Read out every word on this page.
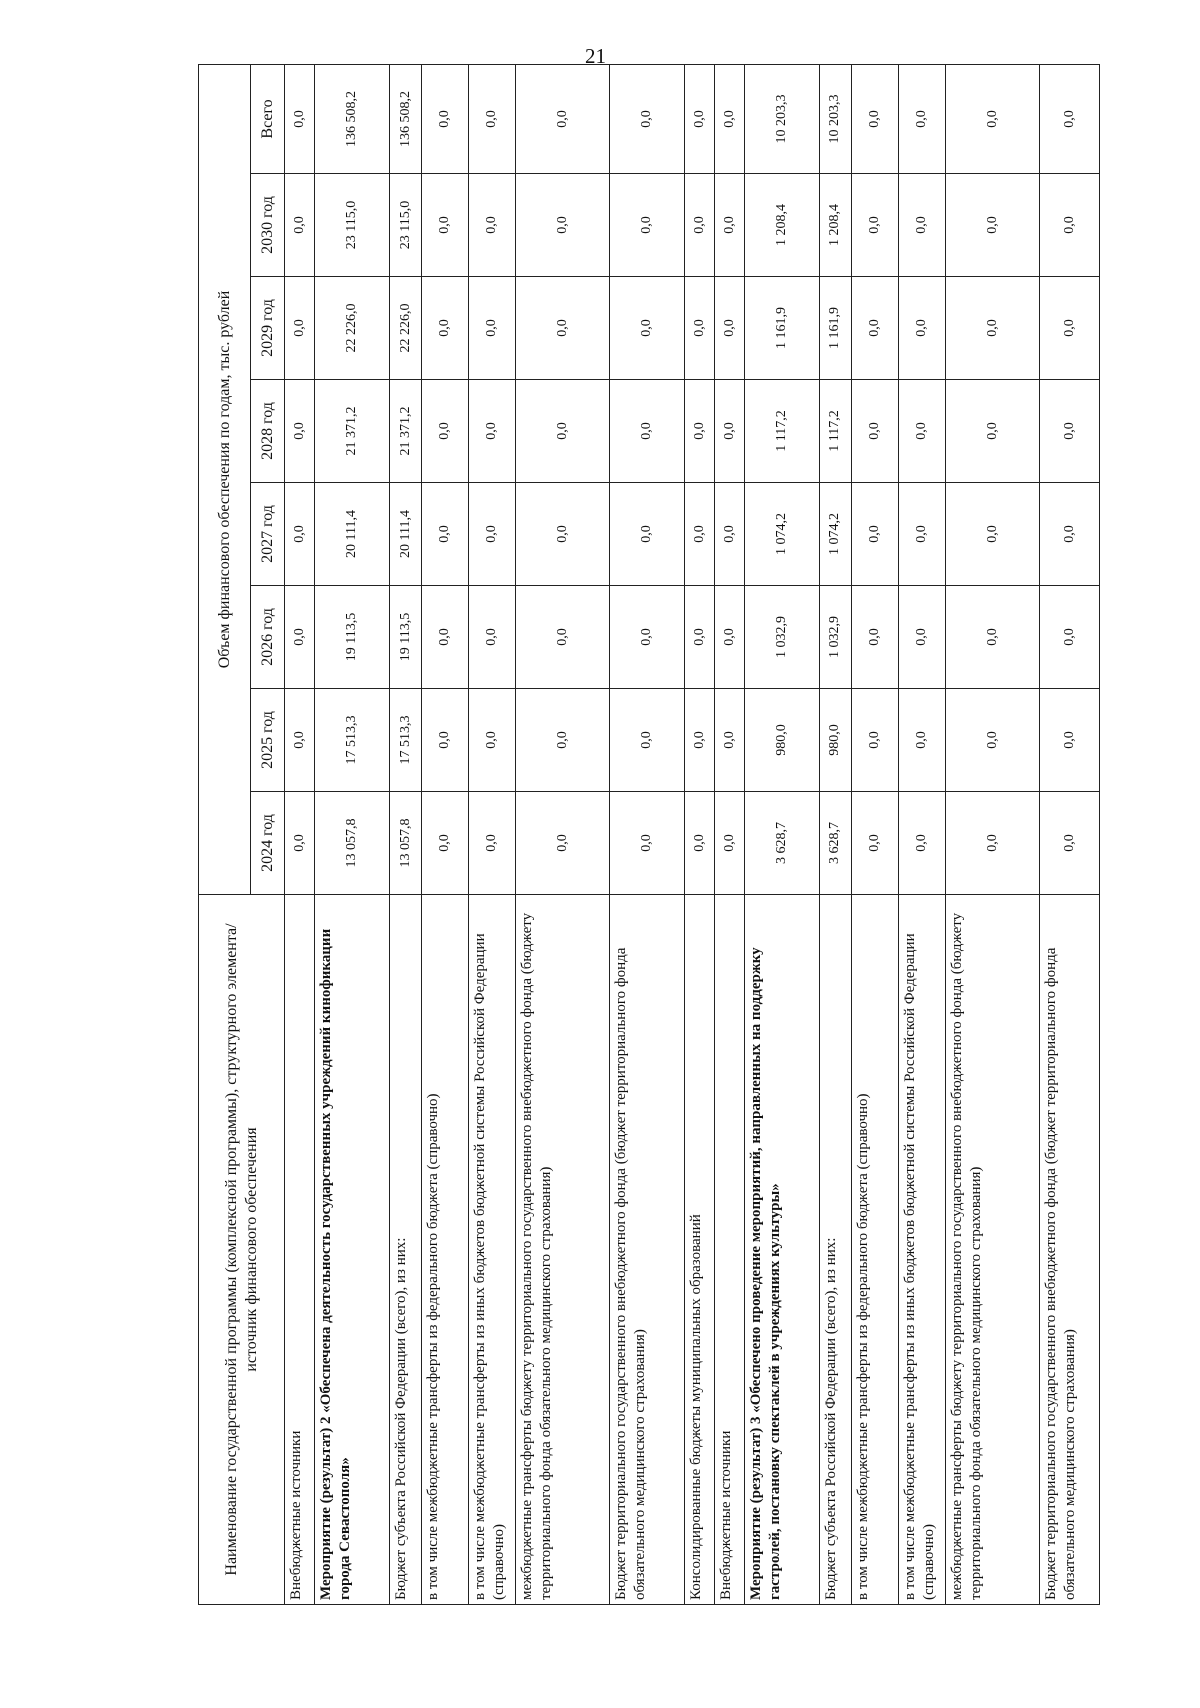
21
Наименование государственной программы (комплексной программы), структурного элемента/источник финансового обеспечения	Объем финансового обеспечения по годам, тыс. рублей							
	2024 год	2025 год	2026 год	2027 год	2028 год	2029 год	2030 год	Всего
Внебюджетные источники	0,0	0,0	0,0	0,0	0,0	0,0	0,0	0,0
Мероприятие (результат) 2 «Обеспечена деятельность государственных учреждений кинофикации города Севастополя»	13 057,8	17 513,3	19 113,5	20 111,4	21 371,2	22 226,0	23 115,0	136 508,2
Бюджет субъекта Российской Федерации (всего), из них:	13 057,8	17 513,3	19 113,5	20 111,4	21 371,2	22 226,0	23 115,0	136 508,2
в том числе межбюджетные трансферты из федерального бюджета (справочно)	0,0	0,0	0,0	0,0	0,0	0,0	0,0	0,0
в том числе межбюджетные трансферты из иных бюджетов бюджетной системы Российской Федерации (справочно)	0,0	0,0	0,0	0,0	0,0	0,0	0,0	0,0
межбюджетные трансферты бюджету территориального государственного внебюджетного фонда (бюджету территориального фонда обязательного медицинского страхования)	0,0	0,0	0,0	0,0	0,0	0,0	0,0	0,0
Бюджет территориального государственного внебюджетного фонда (бюджет территориального фонда обязательного медицинского страхования)	0,0	0,0	0,0	0,0	0,0	0,0	0,0	0,0
Консолидированные бюджеты муниципальных образований	0,0	0,0	0,0	0,0	0,0	0,0	0,0	0,0
Внебюджетные источники	0,0	0,0	0,0	0,0	0,0	0,0	0,0	0,0
Мероприятие (результат) 3 «Обеспечено проведение мероприятий, направленных на поддержку гастролей, постановку спектаклей в учреждениях культуры»	3 628,7	980,0	1 032,9	1 074,2	1 117,2	1 161,9	1 208,4	10 203,3
Бюджет субъекта Российской Федерации (всего), из них:	3 628,7	980,0	1 032,9	1 074,2	1 117,2	1 161,9	1 208,4	10 203,3
в том числе межбюджетные трансферты из федерального бюджета (справочно)	0,0	0,0	0,0	0,0	0,0	0,0	0,0	0,0
в том числе межбюджетные трансферты из иных бюджетов бюджетной системы Российской Федерации (справочно)	0,0	0,0	0,0	0,0	0,0	0,0	0,0	0,0
межбюджетные трансферты бюджету территориального государственного внебюджетного фонда (бюджету территориального фонда обязательного медицинского страхования)	0,0	0,0	0,0	0,0	0,0	0,0	0,0	0,0
Бюджет территориального государственного внебюджетного фонда (бюджет территориального фонда обязательного медицинского страхования)	0,0	0,0	0,0	0,0	0,0	0,0	0,0	0,0
